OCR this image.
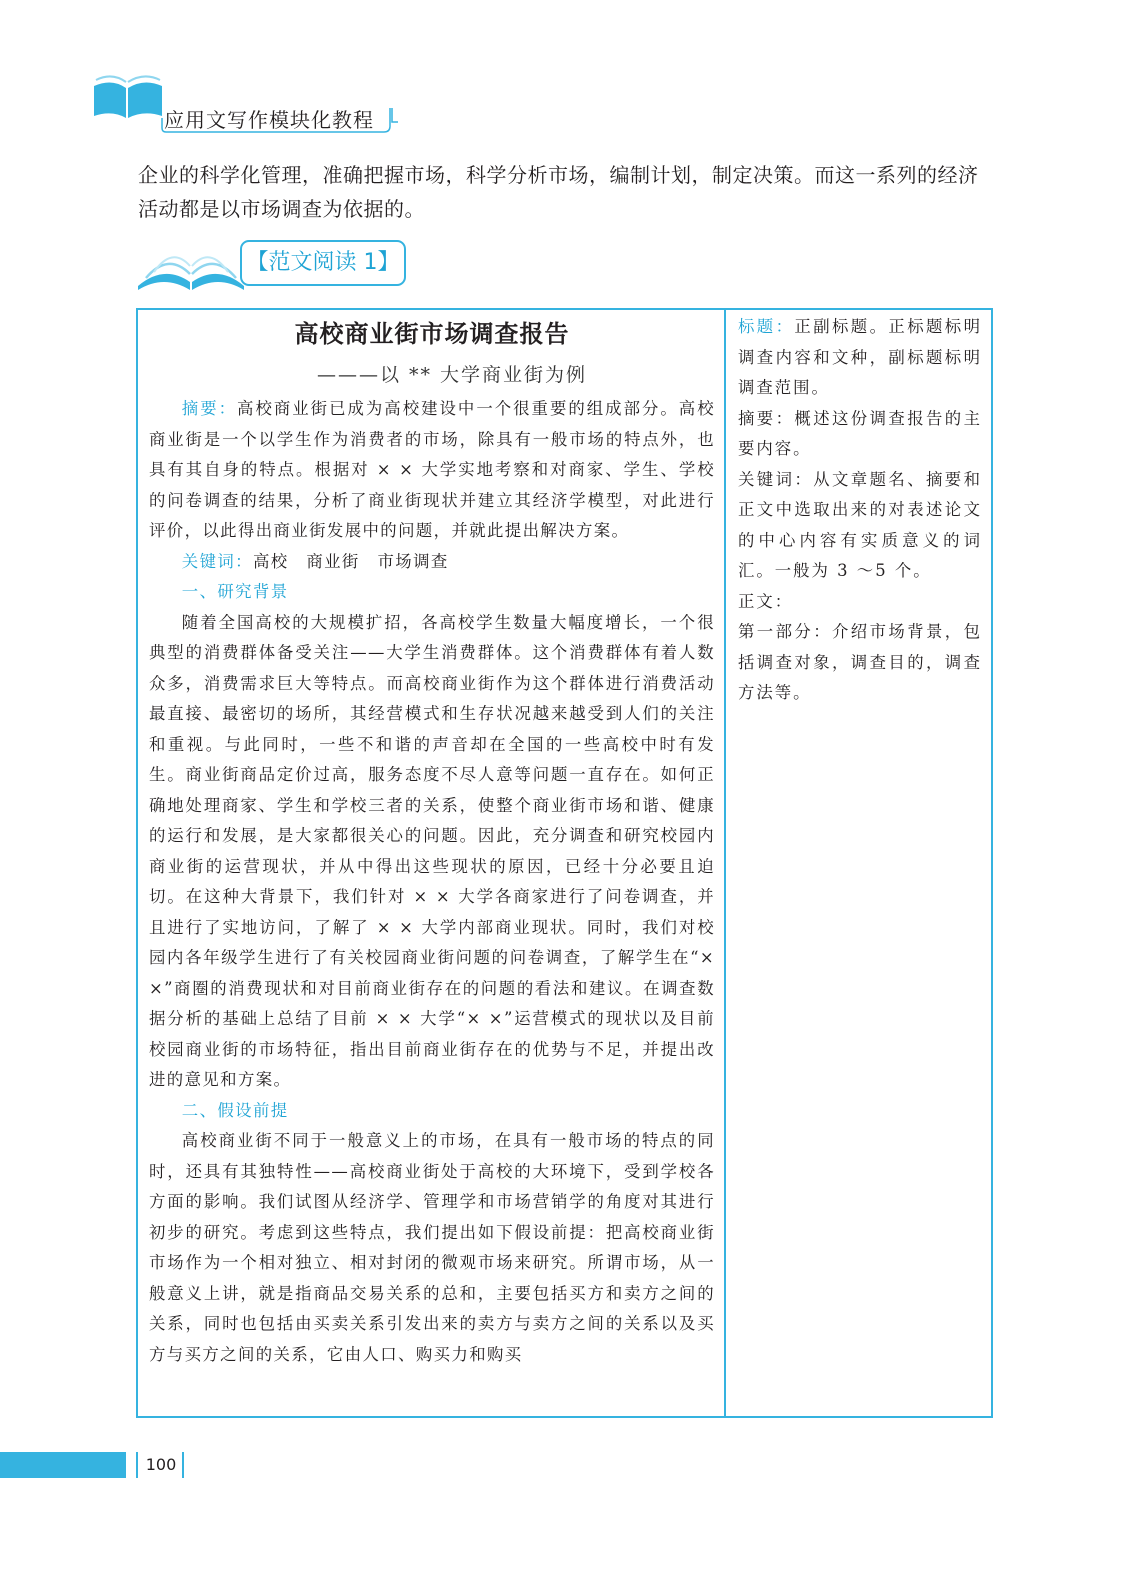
应用文写作模块化教程

企业的科学化管理，准确把握市场，科学分析市场，编制计划，制定决策。而这一系列的经济活动都是以市场调查为依据的。

【范文阅读 1】
高校商业街市场调查报告
———以 ** 大学商业街为例

摘要：高校商业街已成为高校建设中一个很重要的组成部分。高校商业街是一个以学生作为消费者的市场，除具有一般市场的特点外，也具有其自身的特点。根据对 × × 大学实地考察和对商家、学生、学校的问卷调查的结果，分析了商业街现状并建立其经济学模型，对此进行评价，以此得出商业街发展中的问题，并就此提出解决方案。

关键词：高校　商业街　市场调查

一、研究背景

随着全国高校的大规模扩招，各高校学生数量大幅度增长，一个很典型的消费群体备受关注——大学生消费群体。这个消费群体有着人数众多，消费需求巨大等特点。而高校商业街作为这个群体进行消费活动最直接、最密切的场所，其经营模式和生存状况越来越受到人们的关注和重视。与此同时，一些不和谐的声音却在全国的一些高校中时有发生。商业街商品定价过高，服务态度不尽人意等问题一直存在。如何正确地处理商家、学生和学校三者的关系，使整个商业街市场和谐、健康的运行和发展，是大家都很关心的问题。因此，充分调查和研究校园内商业街的运营现状，并从中得出这些现状的原因，已经十分必要且迫切。在这种大背景下，我们针对 × × 大学各商家进行了问卷调查，并且进行了实地访问，了解了 × × 大学内部商业现状。同时，我们对校园内各年级学生进行了有关校园商业街问题的问卷调查，了解学生在“× ×”商圈的消费现状和对目前商业街存在的问题的看法和建议。在调查数据分析的基础上总结了目前 × × 大学“× ×”运营模式的现状以及目前校园商业街的市场特征，指出目前商业街存在的优势与不足，并提出改进的意见和方案。

二、假设前提

高校商业街不同于一般意义上的市场，在具有一般市场的特点的同时，还具有其独特性——高校商业街处于高校的大环境下，受到学校各方面的影响。我们试图从经济学、管理学和市场营销学的角度对其进行初步的研究。考虑到这些特点，我们提出如下假设前提：把高校商业街市场作为一个相对独立、相对封闭的微观市场来研究。所谓市场，从一般意义上讲，就是指商品交易关系的总和，主要包括买方和卖方之间的关系，同时也包括由买卖关系引发出来的卖方与卖方之间的关系以及买方与买方之间的关系，它由人口、购买力和购买

标题：正副标题。正标题标明调查内容和文种，副标题标明调查范围。

摘要：概述这份调查报告的主要内容。

关键词：从文章题名、摘要和正文中选取出来的对表述论文的中心内容有实质意义的词汇。一般为 3 ～5 个。

正文：

第一部分：介绍市场背景，包括调查对象，调查目的，调查方法等。

100
